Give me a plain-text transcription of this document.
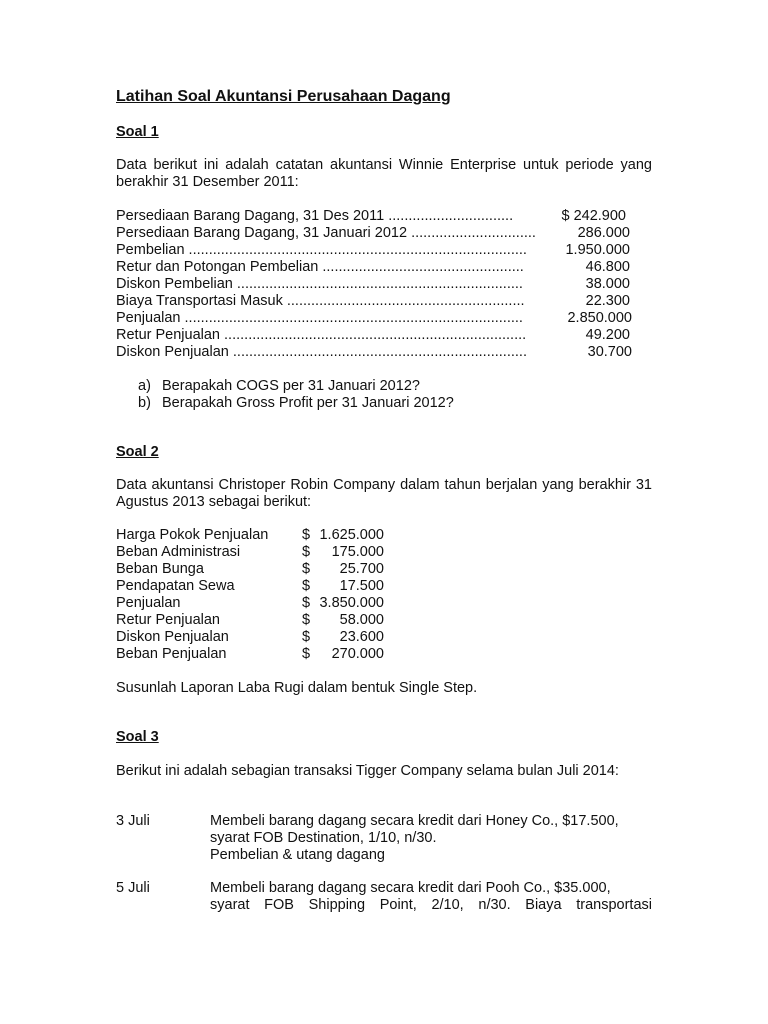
Latihan Soal Akuntansi Perusahaan Dagang
Soal 1
Data berikut ini adalah catatan akuntansi Winnie Enterprise untuk periode yang berakhir 31 Desember 2011:
Persediaan Barang Dagang, 31 Des 2011 ...............................	$ 242.900
Persediaan Barang Dagang, 31 Januari 2012 ...............................	286.000
Pembelian ....................................................................................	1.950.000
Retur dan Potongan Pembelian ..................................................	46.800
Diskon Pembelian .......................................................................	38.000
Biaya Transportasi Masuk ...........................................................	22.300
Penjualan ....................................................................................	2.850.000
Retur Penjualan ...........................................................................	49.200
Diskon Penjualan .........................................................................	30.700
a) Berapakah COGS per 31 Januari 2012?
b) Berapakah Gross Profit per 31 Januari 2012?
Soal 2
Data akuntansi Christoper Robin Company dalam tahun berjalan yang berakhir 31 Agustus 2013 sebagai berikut:
Harga Pokok Penjualan $ 1.625.000
Beban Administrasi	$	175.000
Beban Bunga	$	25.700
Pendapatan Sewa	$	17.500
Penjualan	$ 3.850.000
Retur Penjualan	$	58.000
Diskon Penjualan	$	23.600
Beban Penjualan	$	270.000
Susunlah Laporan Laba Rugi dalam bentuk Single Step.
Soal 3
Berikut ini adalah sebagian transaksi Tigger Company selama bulan Juli 2014:
3 Juli	Membeli barang dagang secara kredit dari Honey Co., $17.500,
syarat FOB Destination, 1/10, n/30.
Pembelian & utang dagang
5 Juli	Membeli barang dagang secara kredit dari Pooh Co., $35.000,
syarat FOB Shipping Point, 2/10, n/30. Biaya transportasi
